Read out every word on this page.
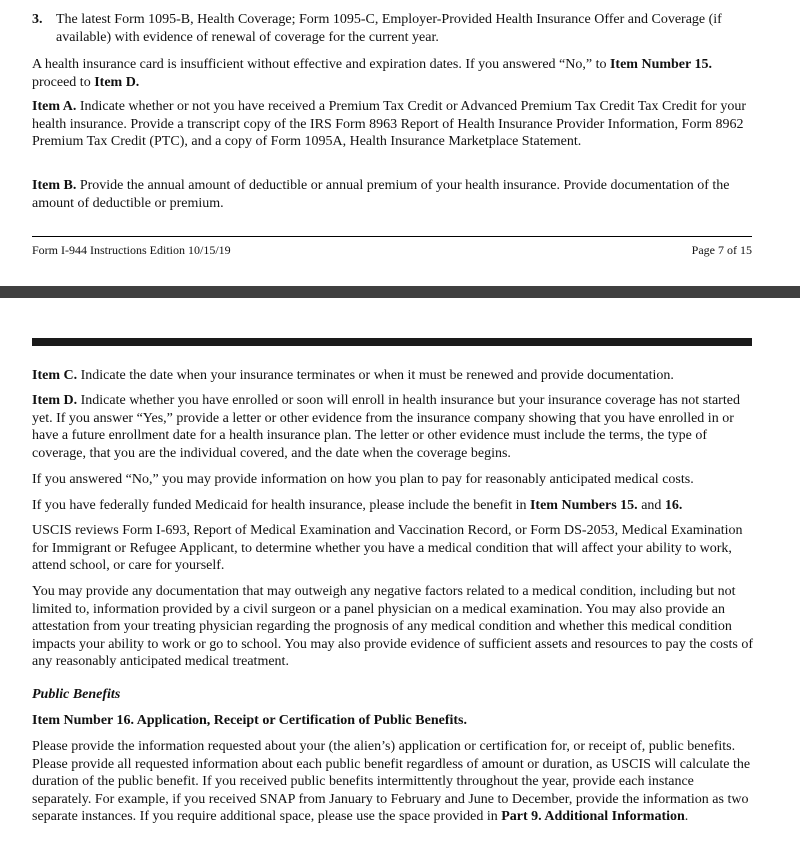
3. The latest Form 1095-B, Health Coverage; Form 1095-C, Employer-Provided Health Insurance Offer and Coverage (if available) with evidence of renewal of coverage for the current year.

A health insurance card is insufficient without effective and expiration dates. If you answered “No,” to Item Number 15. proceed to Item D.

Item A. Indicate whether or not you have received a Premium Tax Credit or Advanced Premium Tax Credit Tax Credit for your health insurance. Provide a transcript copy of the IRS Form 8963 Report of Health Insurance Provider Information, Form 8962 Premium Tax Credit (PTC), and a copy of Form 1095A, Health Insurance Marketplace Statement.

Item B. Provide the annual amount of deductible or annual premium of your health insurance. Provide documentation of the amount of deductible or premium.

Form I-944 Instructions Edition 10/15/19	Page 7 of 15

Item C. Indicate the date when your insurance terminates or when it must be renewed and provide documentation.

Item D. Indicate whether you have enrolled or soon will enroll in health insurance but your insurance coverage has not started yet. If you answer “Yes,” provide a letter or other evidence from the insurance company showing that you have enrolled in or have a future enrollment date for a health insurance plan. The letter or other evidence must include the terms, the type of coverage, that you are the individual covered, and the date when the coverage begins.

If you answered “No,” you may provide information on how you plan to pay for reasonably anticipated medical costs.

If you have federally funded Medicaid for health insurance, please include the benefit in Item Numbers 15. and 16.

USCIS reviews Form I-693, Report of Medical Examination and Vaccination Record, or Form DS-2053, Medical Examination for Immigrant or Refugee Applicant, to determine whether you have a medical condition that will affect your ability to work, attend school, or care for yourself.

You may provide any documentation that may outweigh any negative factors related to a medical condition, including but not limited to, information provided by a civil surgeon or a panel physician on a medical examination. You may also provide an attestation from your treating physician regarding the prognosis of any medical condition and whether this medical condition impacts your ability to work or go to school. You may also provide evidence of sufficient assets and resources to pay the costs of any reasonably anticipated medical treatment.

Public Benefits

Item Number 16. Application, Receipt or Certification of Public Benefits.

Please provide the information requested about your (the alien’s) application or certification for, or receipt of, public benefits. Please provide all requested information about each public benefit regardless of amount or duration, as USCIS will calculate the duration of the public benefit. If you received public benefits intermittently throughout the year, provide each instance separately. For example, if you received SNAP from January to February and June to December, provide the information as two separate instances. If you require additional space, please use the space provided in Part 9. Additional Information.
